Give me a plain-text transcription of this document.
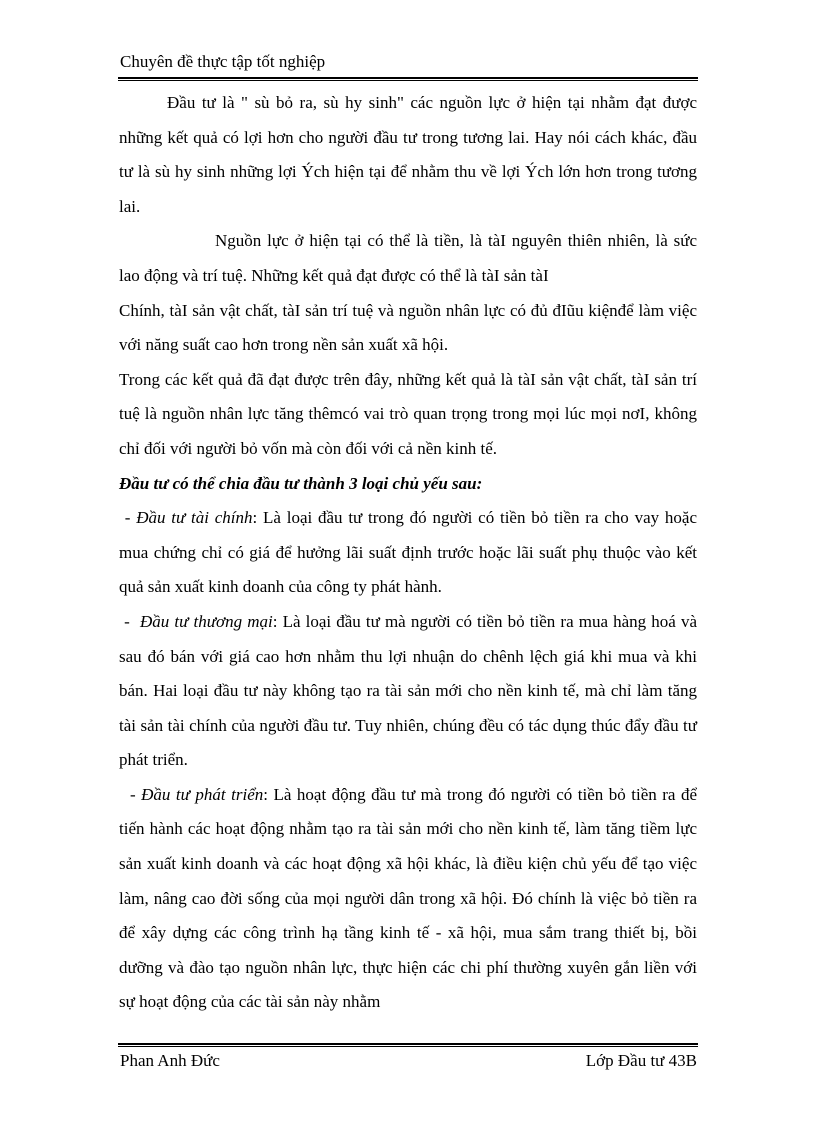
Chuyên đề thực tập tốt nghiệp

Đầu tư là " sù bỏ ra, sù hy sinh" các nguồn lực ở hiện tại nhằm đạt được những kết quả có lợi hơn cho người đầu tư trong tương lai. Hay nói cách khác, đầu tư là sù hy sinh những lợi Ých hiện tại để nhằm thu về lợi Ých lớn hơn trong tương lai.

Nguồn lực ở hiện tại có thể là tiền, là tàI nguyên thiên nhiên, là sức lao động và trí tuệ. Những kết quả đạt được có thể là tàI sản tàI

Chính, tàI sản vật chất, tàI sản trí tuệ và nguồn nhân lực có đủ đIũu kiệnđể làm việc với năng suất cao hơn trong nền sản xuất xã hội.

Trong các kết quả đã đạt được trên đây, những kết quả là tàI sản vật chất, tàI sản trí tuệ là nguồn nhân lực tăng thêmcó vai trò quan trọng trong mọi lúc mọi nơI, không chỉ đối với người bỏ vốn mà còn đối với cả nền kinh tế.

Đầu tư có thể chia đầu tư thành 3 loại chủ yếu sau:

- Đầu tư tài chính: Là loại đầu tư trong đó người có tiền bỏ tiền ra cho vay hoặc mua chứng chỉ có giá để hưởng lãi suất định trước hoặc lãi suất phụ thuộc vào kết quả sản xuất kinh doanh của công ty phát hành.

-  Đầu tư thương mại: Là loại đầu tư mà người có tiền bỏ tiền ra mua hàng hoá và sau đó bán với giá cao hơn nhằm thu lợi nhuận do chênh lệch giá khi mua và khi bán. Hai loại đầu tư này không tạo ra tài sản mới cho nền kinh tế, mà chỉ làm tăng tài sản tài chính của người đầu tư. Tuy nhiên, chúng đều có tác dụng thúc đẩy đầu tư phát triển.

- Đầu tư phát triển: Là hoạt động đầu tư mà trong đó người có tiền bỏ tiền ra để tiến hành các hoạt động nhằm tạo ra tài sản mới cho nền kinh tế, làm tăng tiềm lực sản xuất kinh doanh và các hoạt động xã hội khác, là điều kiện chủ yếu để tạo việc làm, nâng cao đời sống của mọi người dân trong xã hội. Đó chính là việc bỏ tiền ra để xây dựng các công trình hạ tầng kinh tế - xã hội, mua sắm trang thiết bị, bồi dưỡng và đào tạo nguồn nhân lực, thực hiện các chi phí thường xuyên gắn liền với sự hoạt động của các tài sản này nhằm

Phan Anh Đức	Lớp Đầu tư 43B
